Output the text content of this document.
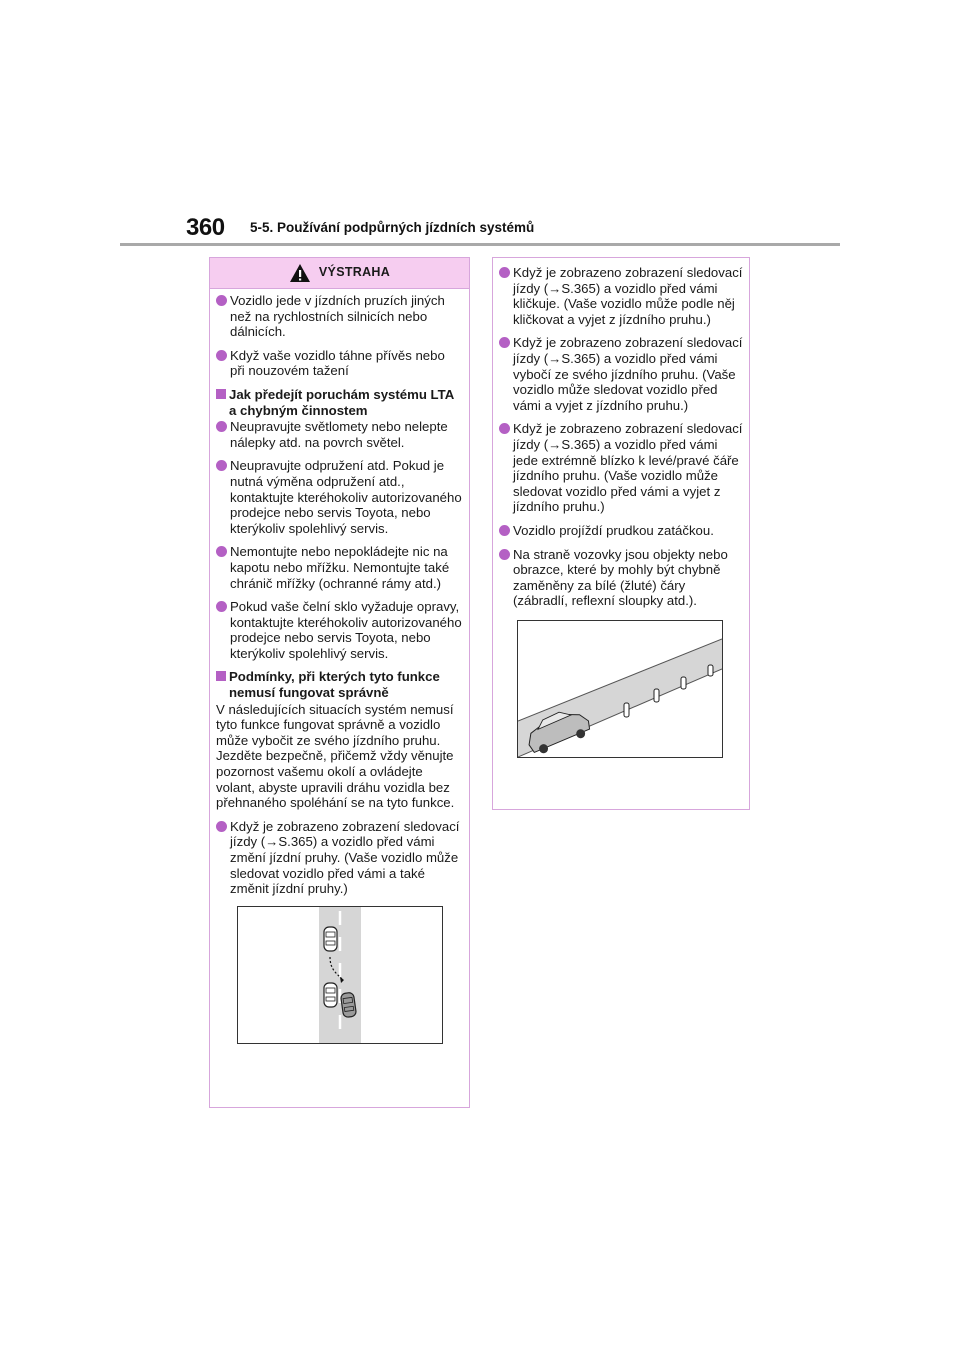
360 5-5. Používání podpůrných jízdních systémů
VÝSTRAHA
Vozidlo jede v jízdních pruzích jiných než na rychlostních silnicích nebo dálnicích.
Když vaše vozidlo táhne přívěs nebo při nouzovém tažení
Jak předejít poruchám systému LTA a chybným činnostem
Neupravujte světlomety nebo nelepte nálepky atd. na povrch světel.
Neupravujte odpružení atd. Pokud je nutná výměna odpružení atd., kontaktujte kteréhokoliv autorizovaného prodejce nebo servis Toyota, nebo kterýkoliv spolehlivý servis.
Nemontujte nebo nepokládejte nic na kapotu nebo mřížku. Nemontujte také chránič mřížky (ochranné rámy atd.)
Pokud vaše čelní sklo vyžaduje opravy, kontaktujte kteréhokoliv autorizovaného prodejce nebo servis Toyota, nebo kterýkoliv spolehlivý servis.
Podmínky, při kterých tyto funkce nemusí fungovat správně
V následujících situacích systém nemusí tyto funkce fungovat správně a vozidlo může vybočit ze svého jízdního pruhu. Jezděte bezpečně, přičemž vždy věnujte pozornost vašemu okolí a ovládejte volant, abyste upravili dráhu vozidla bez přehnaného spoléhání se na tyto funkce.
Když je zobrazeno zobrazení sledovací jízdy (→S.365) a vozidlo před vámi změní jízdní pruhy. (Vaše vozidlo může sledovat vozidlo před vámi a také změnit jízdní pruhy.)
Když je zobrazeno zobrazení sledovací jízdy (→S.365) a vozidlo před vámi kličkuje. (Vaše vozidlo může podle něj kličkovat a vyjet z jízdního pruhu.)
Když je zobrazeno zobrazení sledovací jízdy (→S.365) a vozidlo před vámi vybočí ze svého jízdního pruhu. (Vaše vozidlo může sledovat vozidlo před vámi a vyjet z jízdního pruhu.)
Když je zobrazeno zobrazení sledovací jízdy (→S.365) a vozidlo před vámi jede extrémně blízko k levé/pravé čáře jízdního pruhu. (Vaše vozidlo může sledovat vozidlo před vámi a vyjet z jízdního pruhu.)
Vozidlo projíždí prudkou zatáčkou.
Na straně vozovky jsou objekty nebo obrazce, které by mohly být chybně zaměněny za bílé (žluté) čáry (zábradlí, reflexní sloupky atd.).
